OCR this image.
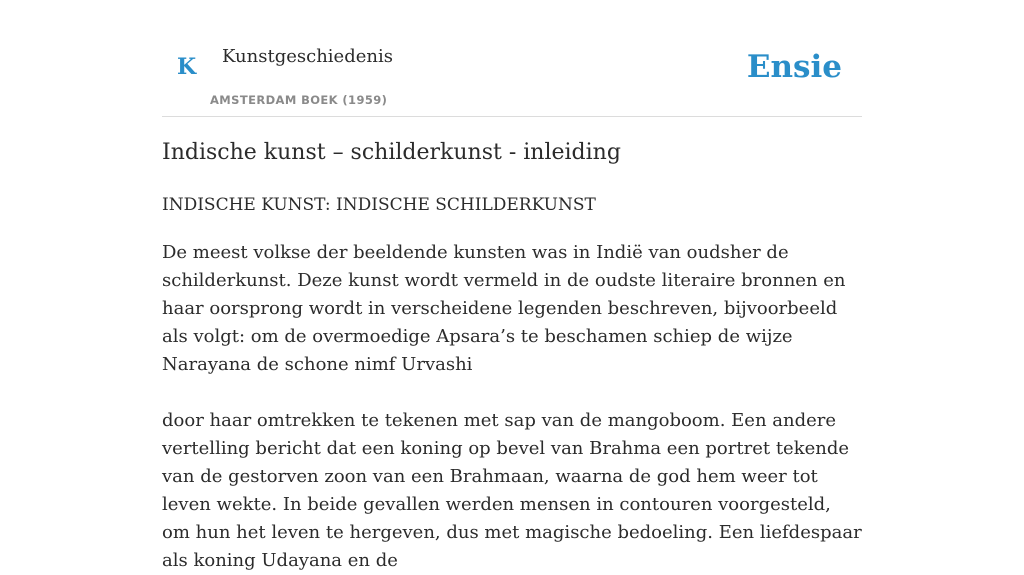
K Kunstgeschiedenis
AMSTERDAM BOEK (1959)
Ensie
Indische kunst – schilderkunst - inleiding
INDISCHE KUNST: INDISCHE SCHILDERKUNST

De meest volkse der beeldende kunsten was in Indië van oudsher de schilderkunst. Deze kunst wordt vermeld in de oudste literaire bronnen en haar oorsprong wordt in verscheidene legenden beschreven, bijvoorbeeld als volgt: om de overmoedige Apsara’s te beschamen schiep de wijze Narayana de schone nimf Urvashi

door haar omtrekken te tekenen met sap van de mangoboom. Een andere vertelling bericht dat een koning op bevel van Brahma een portret tekende van de gestorven zoon van een Brahmaan, waarna de god hem weer tot leven wekte. In beide gevallen werden mensen in contouren voorgesteld, om hun het leven te hergeven, dus met magische bedoeling. Een liefdespaar als koning Udayana en de
